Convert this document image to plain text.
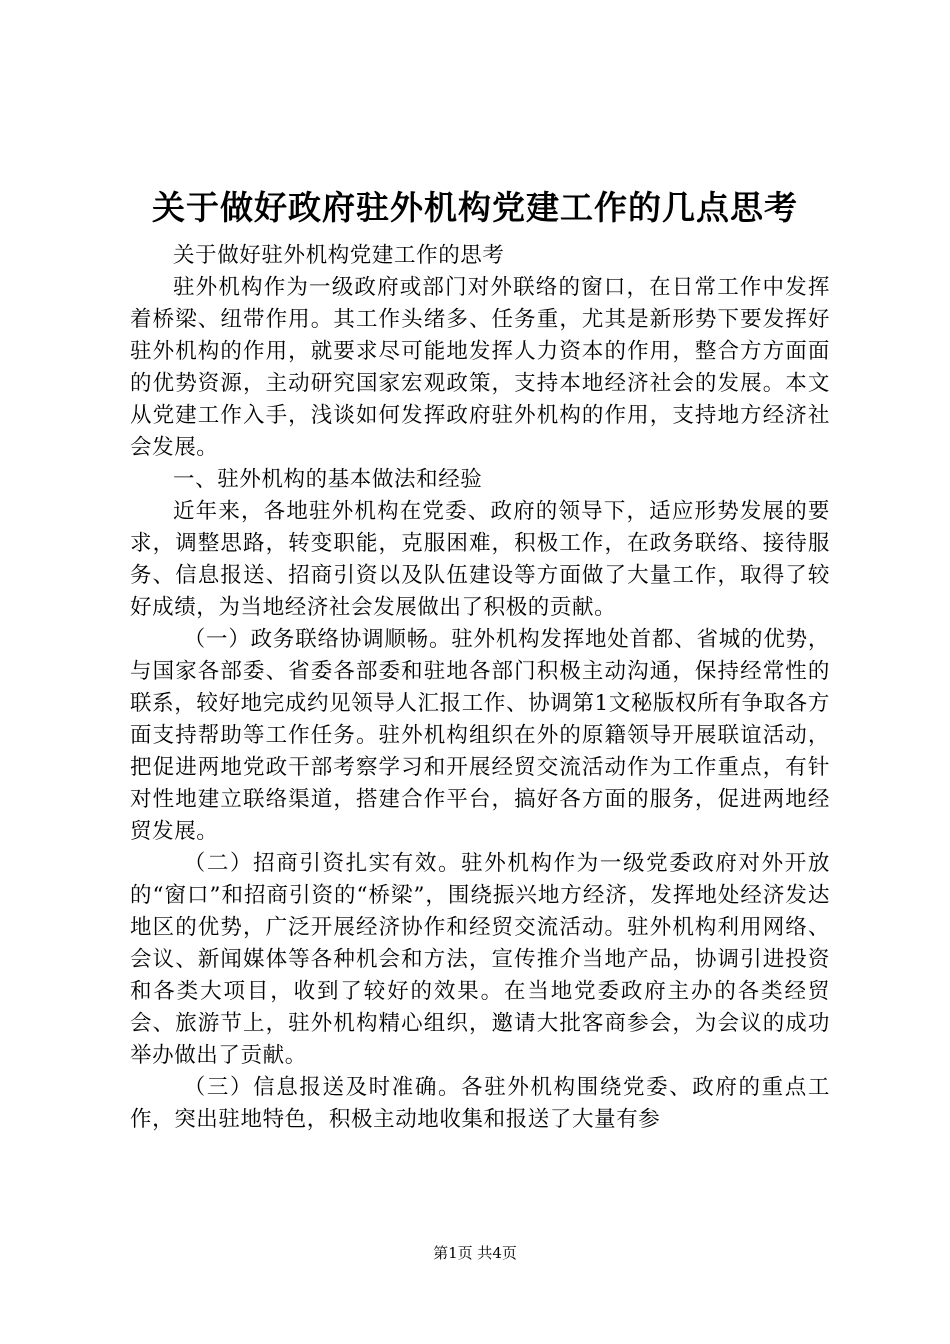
关于做好政府驻外机构党建工作的几点思考

关于做好驻外机构党建工作的思考

驻外机构作为一级政府或部门对外联络的窗口，在日常工作中发挥着桥梁、纽带作用。其工作头绪多、任务重，尤其是新形势下要发挥好驻外机构的作用，就要求尽可能地发挥人力资本的作用，整合方方面面的优势资源，主动研究国家宏观政策，支持本地经济社会的发展。本文从党建工作入手，浅谈如何发挥政府驻外机构的作用，支持地方经济社会发展。

一、驻外机构的基本做法和经验

近年来，各地驻外机构在党委、政府的领导下，适应形势发展的要求，调整思路，转变职能，克服困难，积极工作，在政务联络、接待服务、信息报送、招商引资以及队伍建设等方面做了大量工作，取得了较好成绩，为当地经济社会发展做出了积极的贡献。

（一）政务联络协调顺畅。驻外机构发挥地处首都、省城的优势，与国家各部委、省委各部委和驻地各部门积极主动沟通，保持经常性的联系，较好地完成约见领导人汇报工作、协调第1文秘版权所有争取各方面支持帮助等工作任务。驻外机构组织在外的原籍领导开展联谊活动，把促进两地党政干部考察学习和开展经贸交流活动作为工作重点，有针对性地建立联络渠道，搭建合作平台，搞好各方面的服务，促进两地经贸发展。

（二）招商引资扎实有效。驻外机构作为一级党委政府对外开放的“窗口”和招商引资的“桥梁”，围绕振兴地方经济，发挥地处经济发达地区的优势，广泛开展经济协作和经贸交流活动。驻外机构利用网络、会议、新闻媒体等各种机会和方法，宣传推介当地产品，协调引进投资和各类大项目，收到了较好的效果。在当地党委政府主办的各类经贸会、旅游节上，驻外机构精心组织，邀请大批客商参会，为会议的成功举办做出了贡献。

（三）信息报送及时准确。各驻外机构围绕党委、政府的重点工作，突出驻地特色，积极主动地收集和报送了大量有参

第1页 共4页
